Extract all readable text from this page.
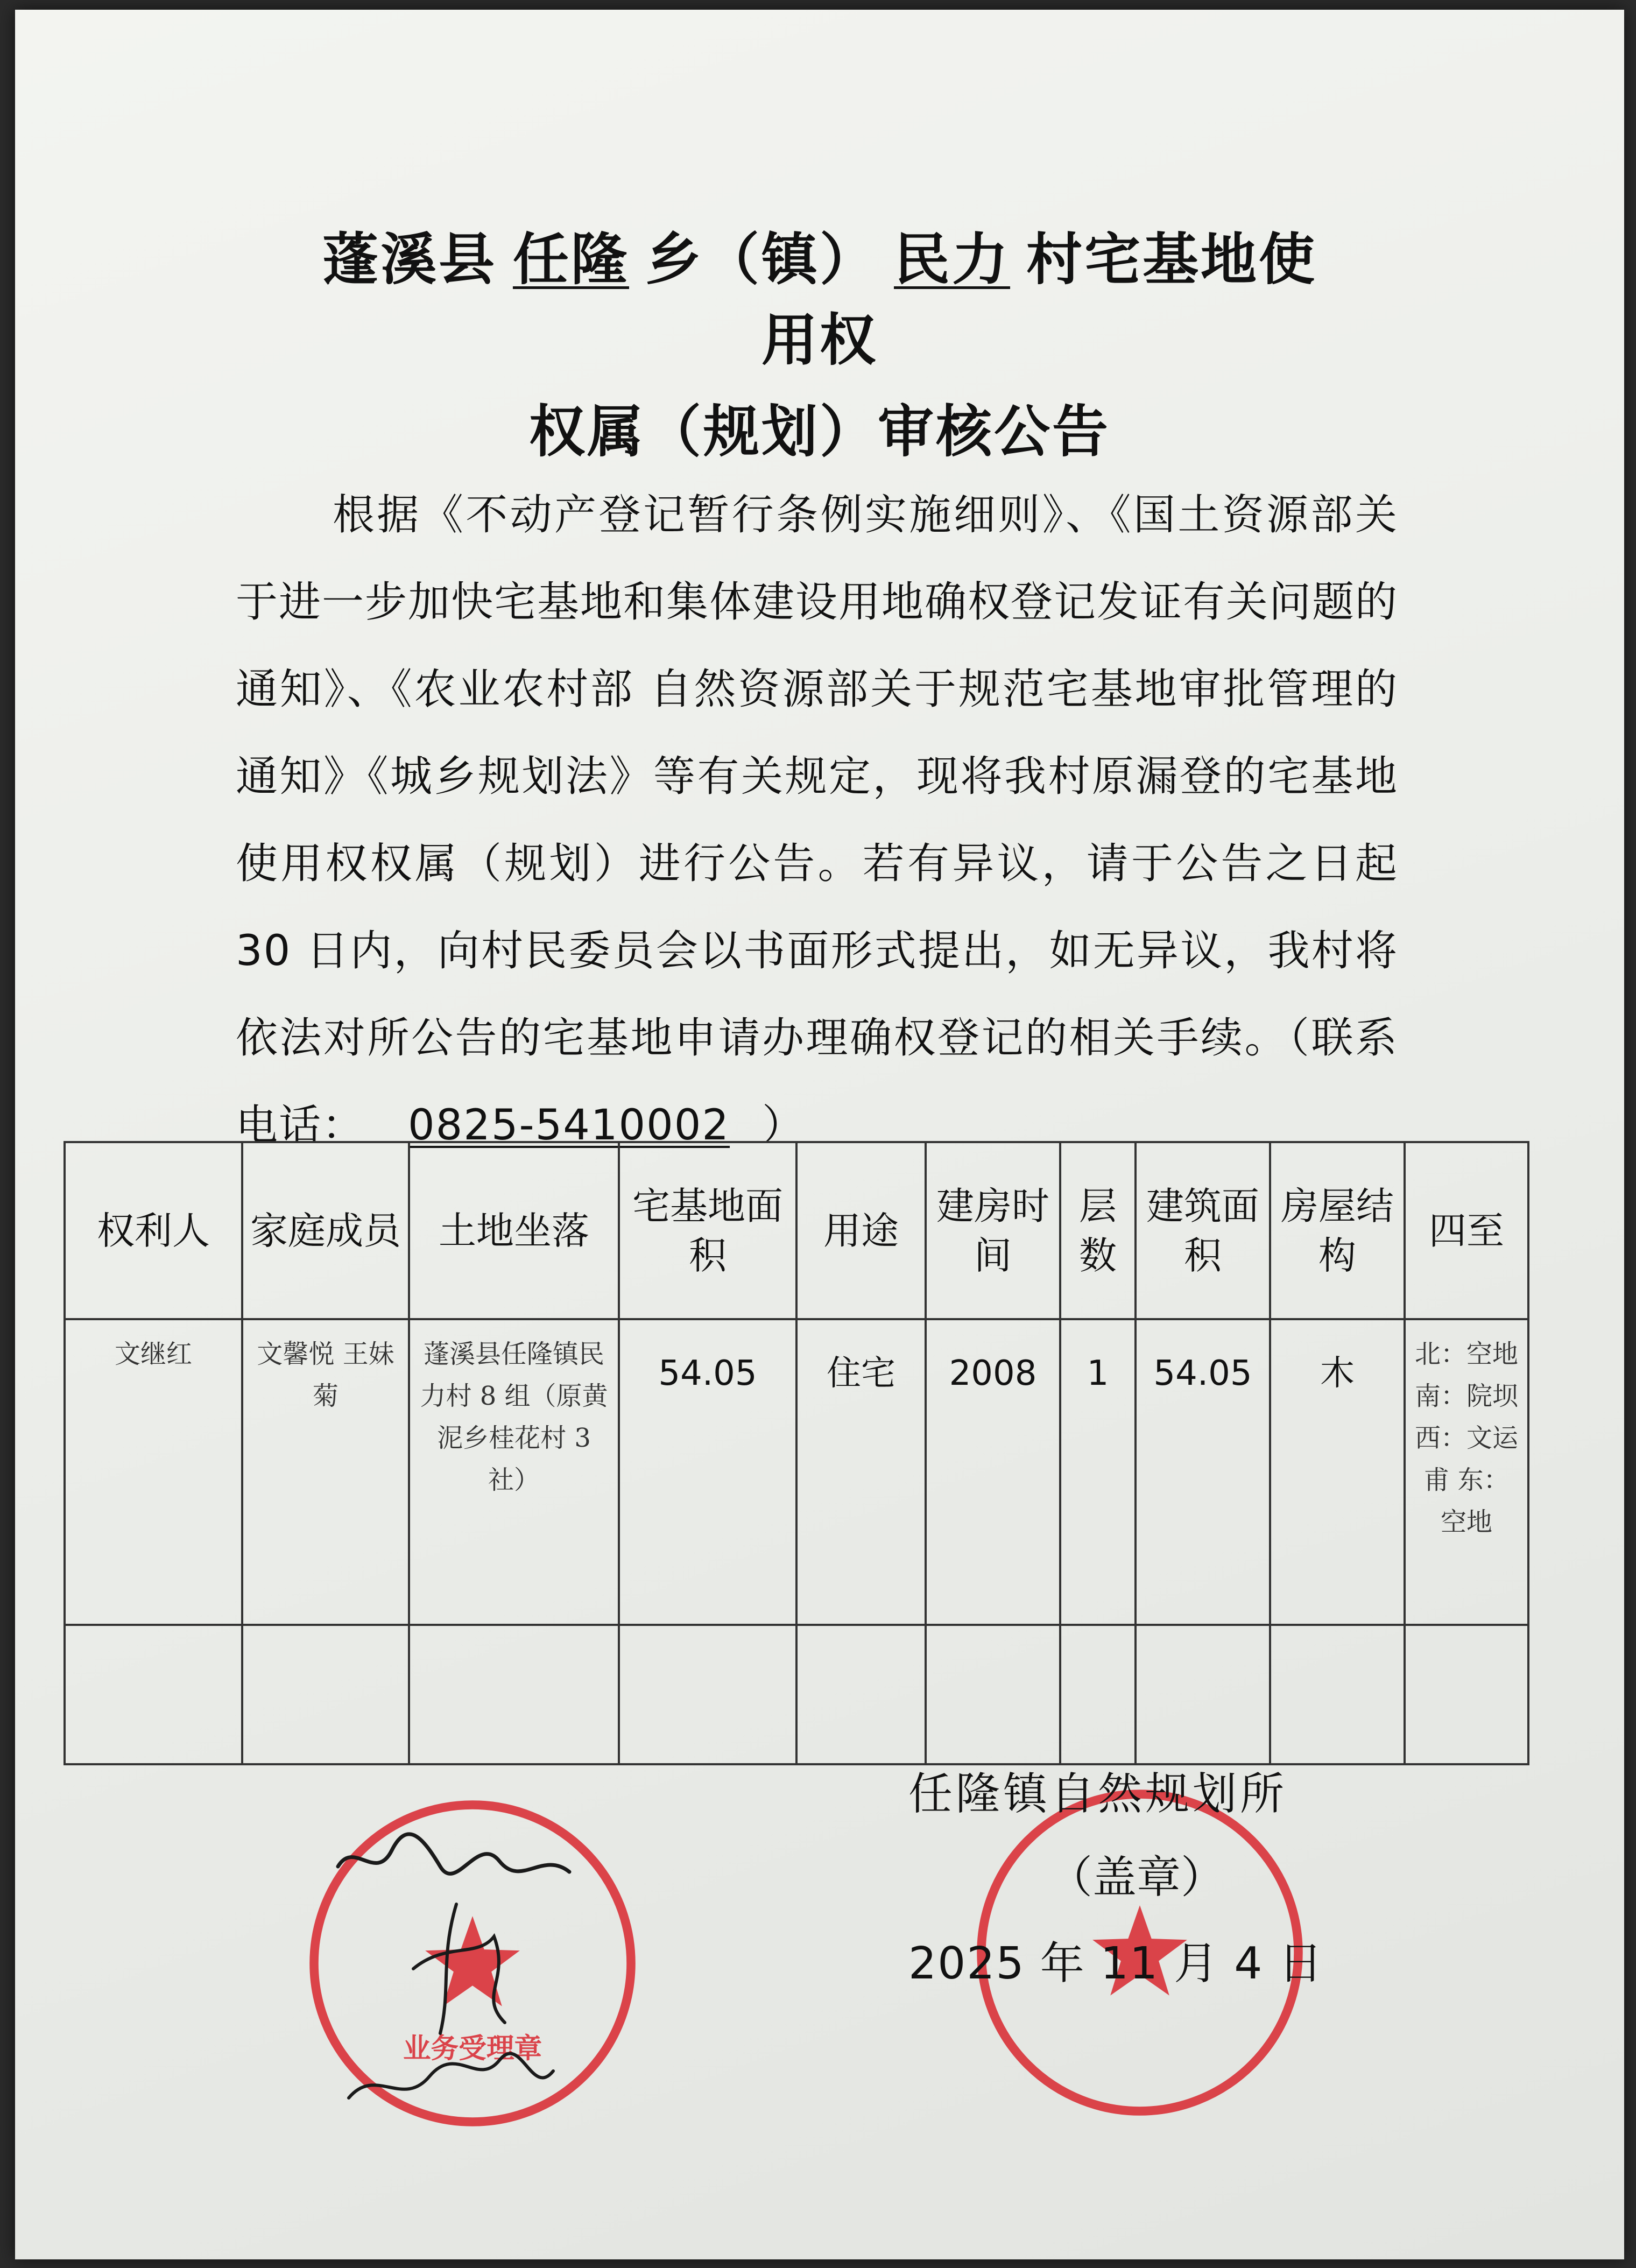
蓬溪县 任隆 乡（镇） 民力 村宅基地使
用权
权属（规划）审核公告
根据《不动产登记暂行条例实施细则》、《国土资源部关于进一步加快宅基地和集体建设用地确权登记发证有关问题的通知》、《农业农村部 自然资源部关于规范宅基地审批管理的通知》《城乡规划法》等有关规定，现将我村原漏登的宅基地使用权权属（规划）进行公告。若有异议，请于公告之日起 30 日内，向村民委员会以书面形式提出，如无异议，我村将依法对所公告的宅基地申请办理确权登记的相关手续。（联系电话： 0825-5410002 ）
权利人	家庭成员	土地坐落	宅基地面积	用途	建房时间	层数	建筑面积	房屋结构	四至
文继红	文馨悦 王妹菊	蓬溪县任隆镇民力村 8 组（原黄泥乡桂花村 3 社）	54.05	住宅	2008	1	54.05	木	北：空地 南：院坝 西：文运甫 东：空地

业务受理章
任隆镇自然规划所
（盖章）
2025 年 11 月 4 日
